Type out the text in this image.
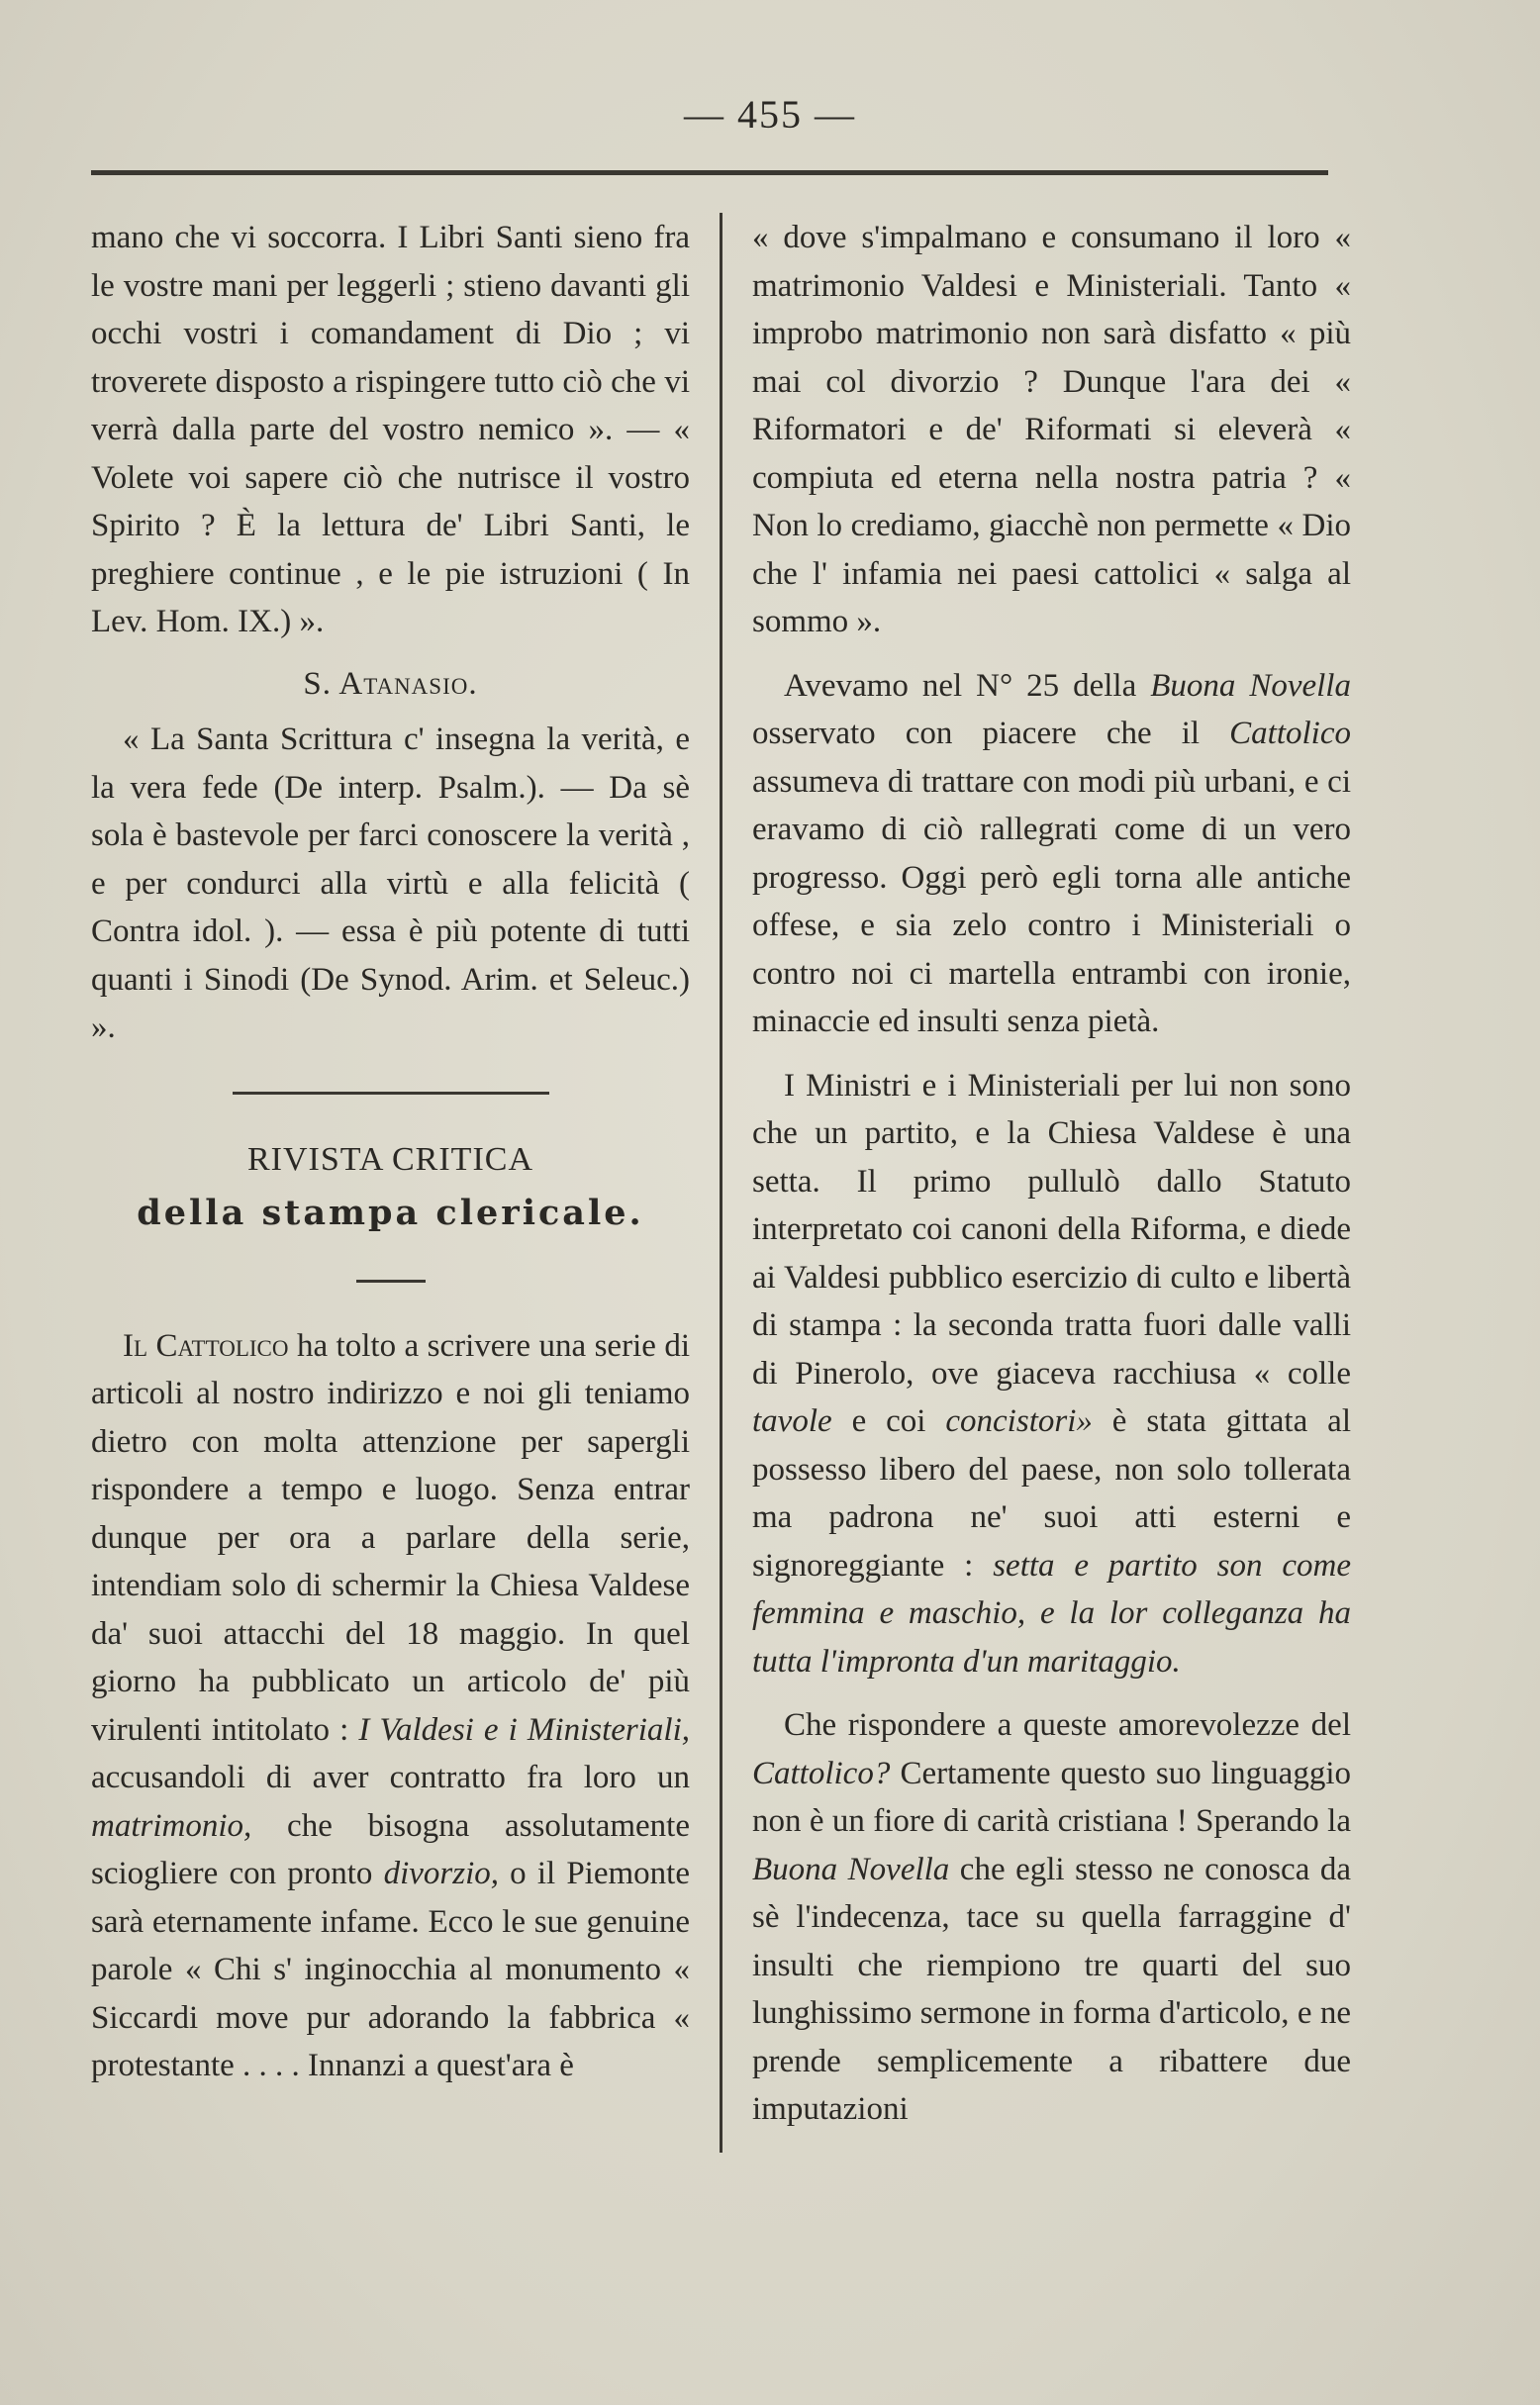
— 455 —

mano che vi soccorra. I Libri Santi sieno fra le vostre mani per leggerli ; stieno davanti gli occhi vostri i comandament di Dio ; vi troverete disposto a rispingere tutto ciò che vi verrà dalla parte del vostro nemico ». — « Volete voi sapere ciò che nutrisce il vostro Spirito ? È la lettura de' Libri Santi, le preghiere continue , e le pie istruzioni ( In Lev. Hom. IX.) ».

S. Atanasio.

« La Santa Scrittura c' insegna la verità, e la vera fede (De interp. Psalm.). — Da sè sola è bastevole per farci conoscere la verità , e per condurci alla virtù e alla felicità ( Contra idol. ). — essa è più potente di tutti quanti i Sinodi (De Synod. Arim. et Seleuc.) ».

RIVISTA CRITICA
della stampa clericale.

Il Cattolico ha tolto a scrivere una serie di articoli al nostro indirizzo e noi gli teniamo dietro con molta attenzione per sapergli rispondere a tempo e luogo. Senza entrar dunque per ora a parlare della serie, intendiam solo di schermir la Chiesa Valdese da' suoi attacchi del 18 maggio. In quel giorno ha pubblicato un articolo de' più virulenti intitolato : I Valdesi e i Ministeriali, accusandoli di aver contratto fra loro un matrimonio, che bisogna assolutamente sciogliere con pronto divorzio, o il Piemonte sarà eternamente infame. Ecco le sue genuine parole « Chi s' inginocchia al monumento « Siccardi move pur adorando la fabbrica « protestante . . . . Innanzi a quest'ara è

« dove s'impalmano e consumano il loro « matrimonio Valdesi e Ministeriali. Tanto « improbo matrimonio non sarà disfatto « più mai col divorzio ? Dunque l'ara dei « Riformatori e de' Riformati si eleverà « compiuta ed eterna nella nostra patria ? « Non lo crediamo, giacchè non permette « Dio che l' infamia nei paesi cattolici « salga al sommo ».

Avevamo nel N° 25 della Buona Novella osservato con piacere che il Cattolico assumeva di trattare con modi più urbani, e ci eravamo di ciò rallegrati come di un vero progresso. Oggi però egli torna alle antiche offese, e sia zelo contro i Ministeriali o contro noi ci martella entrambi con ironie, minaccie ed insulti senza pietà.

I Ministri e i Ministeriali per lui non sono che un partito, e la Chiesa Valdese è una setta. Il primo pullulò dallo Statuto interpretato coi canoni della Riforma, e diede ai Valdesi pubblico esercizio di culto e libertà di stampa : la seconda tratta fuori dalle valli di Pinerolo, ove giaceva racchiusa « colle tavole e coi concistori» è stata gittata al possesso libero del paese, non solo tollerata ma padrona ne' suoi atti esterni e signoreggiante : setta e partito son come femmina e maschio, e la lor colleganza ha tutta l'impronta d'un maritaggio.

Che rispondere a queste amorevolezze del Cattolico? Certamente questo suo linguaggio non è un fiore di carità cristiana ! Sperando la Buona Novella che egli stesso ne conosca da sè l'indecenza, tace su quella farraggine d' insulti che riempiono tre quarti del suo lunghissimo sermone in forma d'articolo, e ne prende semplicemente a ribattere due imputazioni
